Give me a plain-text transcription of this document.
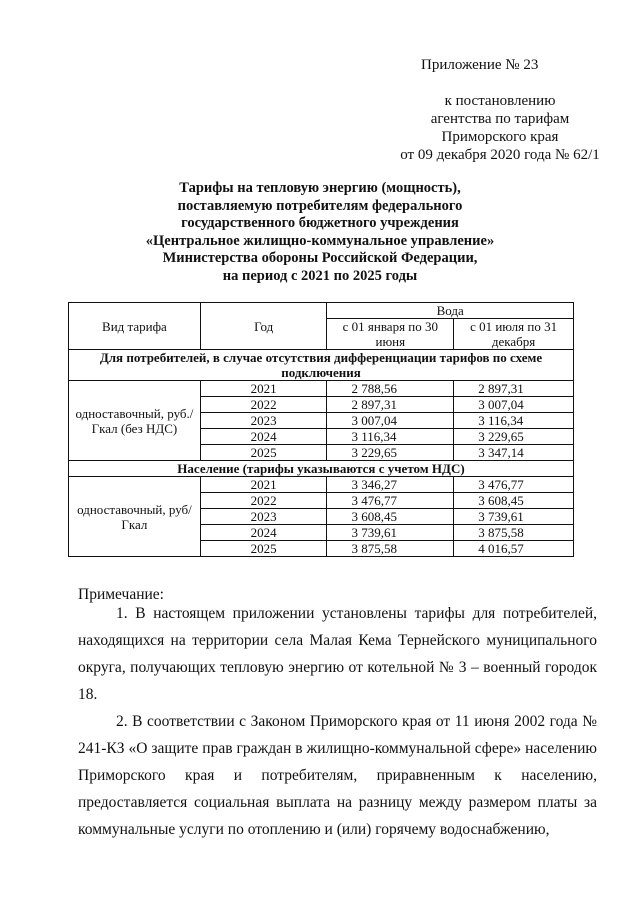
Приложение № 23
к постановлению
агентства по тарифам
Приморского края
от 09 декабря 2020 года № 62/1
Тарифы на тепловую энергию (мощность),
поставляемую потребителям федерального
государственного бюджетного учреждения
«Центральное жилищно-коммунальное управление»
Министерства обороны Российской Федерации,
на период с 2021 по 2025 годы
Вид тарифа	Год	Вода	
		с 01 января по 30 июня	с 01 июля по 31 декабря
Для потребителей, в случае отсутствия дифференциации тарифов по схеме подключения			
одноставочный, руб./Гкал (без НДС)	2021	2 788,56	2 897,31
	2022	2 897,31	3 007,04
	2023	3 007,04	3 116,34
	2024	3 116,34	3 229,65
	2025	3 229,65	3 347,14
Население (тарифы указываются с учетом НДС)			
одноставочный, руб/Гкал	2021	3 346,27	3 476,77
	2022	3 476,77	3 608,45
	2023	3 608,45	3 739,61
	2024	3 739,61	3 875,58
	2025	3 875,58	4 016,57
Примечание:
1. В настоящем приложении установлены тарифы для потребителей, находящихся на территории села Малая Кема Тернейского муниципального округа, получающих тепловую энергию от котельной № 3 – военный городок 18.
2. В соответствии с Законом Приморского края от 11 июня 2002 года № 241-КЗ «О защите прав граждан в жилищно-коммунальной сфере» населению Приморского края и потребителям, приравненным к населению, предоставляется социальная выплата на разницу между размером платы за коммунальные услуги по отоплению и (или) горячему водоснабжению,
